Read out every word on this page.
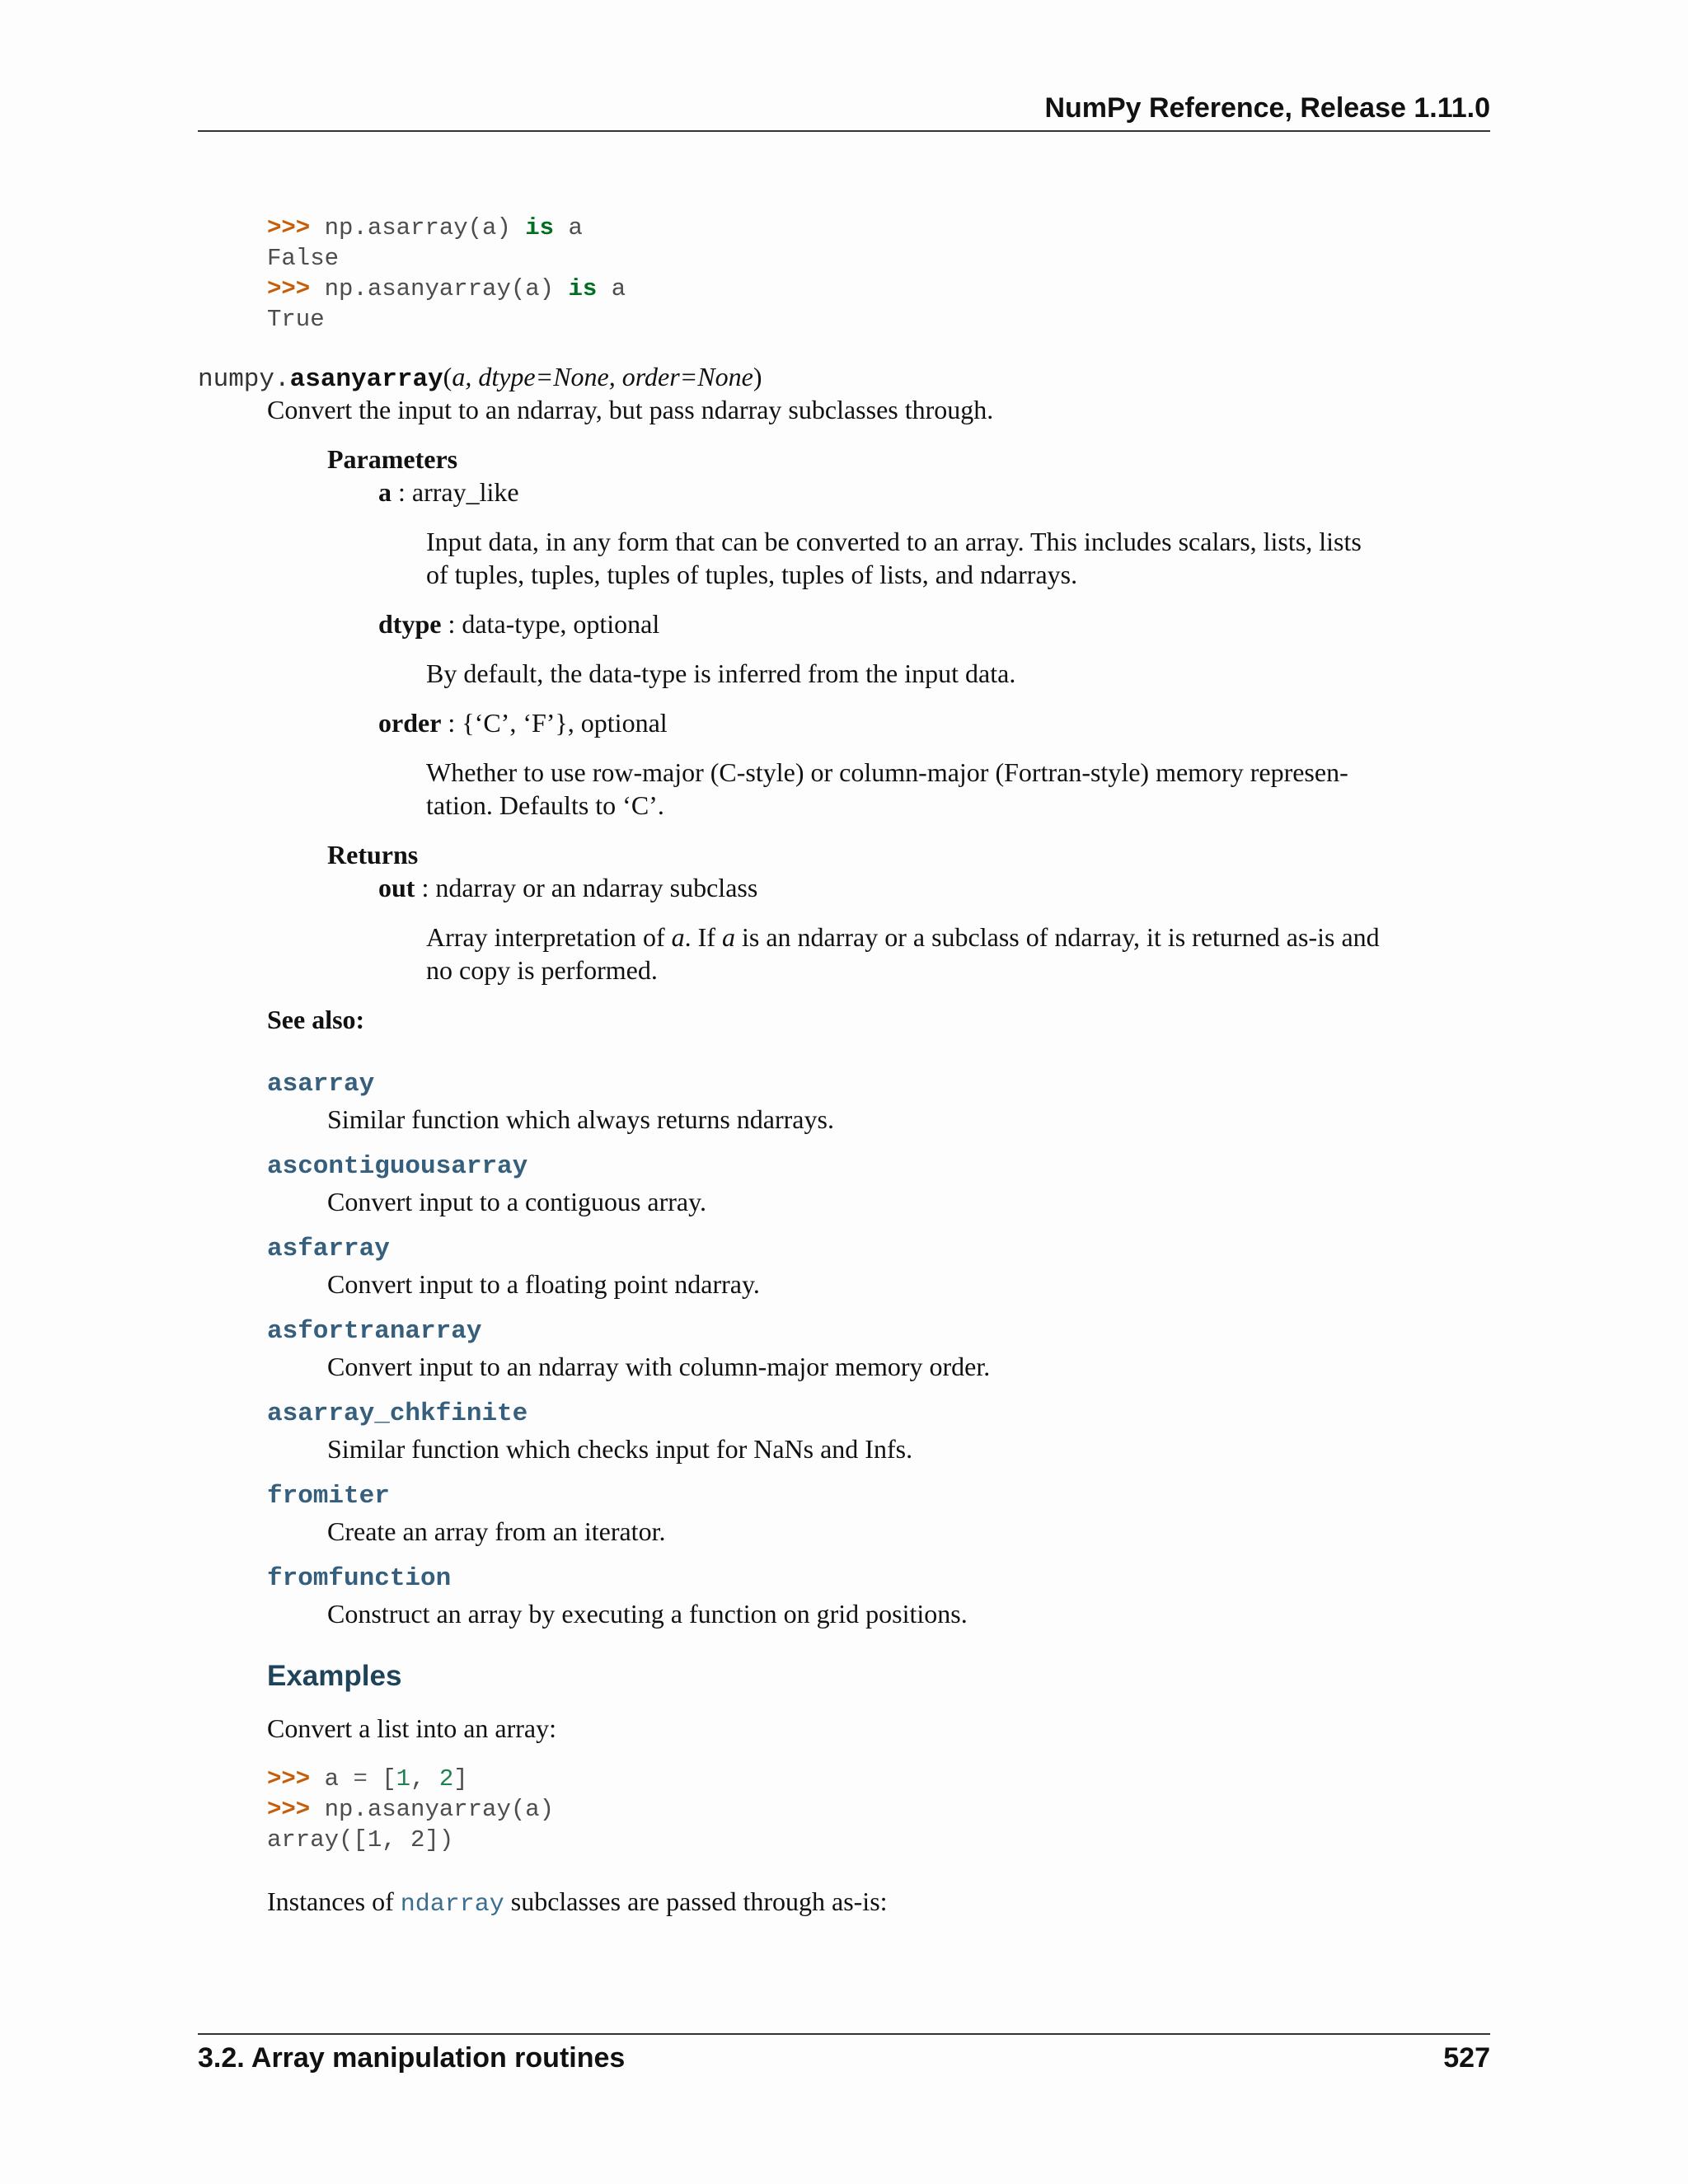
NumPy Reference, Release 1.11.0
>>> np.asarray(a) is a
False
>>> np.asanyarray(a) is a
True
numpy.asanyarray(a, dtype=None, order=None)
Convert the input to an ndarray, but pass ndarray subclasses through.
Parameters
a : array_like
Input data, in any form that can be converted to an array. This includes scalars, lists, lists of tuples, tuples, tuples of tuples, tuples of lists, and ndarrays.
dtype : data-type, optional
By default, the data-type is inferred from the input data.
order : {‘C’, ‘F’}, optional
Whether to use row-major (C-style) or column-major (Fortran-style) memory represen- tation. Defaults to ‘C’.
Returns
out : ndarray or an ndarray subclass
Array interpretation of a. If a is an ndarray or a subclass of ndarray, it is returned as-is and no copy is performed.
See also:
asarray
Similar function which always returns ndarrays.
ascontiguousarray
Convert input to a contiguous array.
asfarray
Convert input to a floating point ndarray.
asfortranarray
Convert input to an ndarray with column-major memory order.
asarray_chkfinite
Similar function which checks input for NaNs and Infs.
fromiter
Create an array from an iterator.
fromfunction
Construct an array by executing a function on grid positions.
Examples
Convert a list into an array:
>>> a = [1, 2]
>>> np.asanyarray(a)
array([1, 2])
Instances of ndarray subclasses are passed through as-is:
3.2. Array manipulation routines	527
